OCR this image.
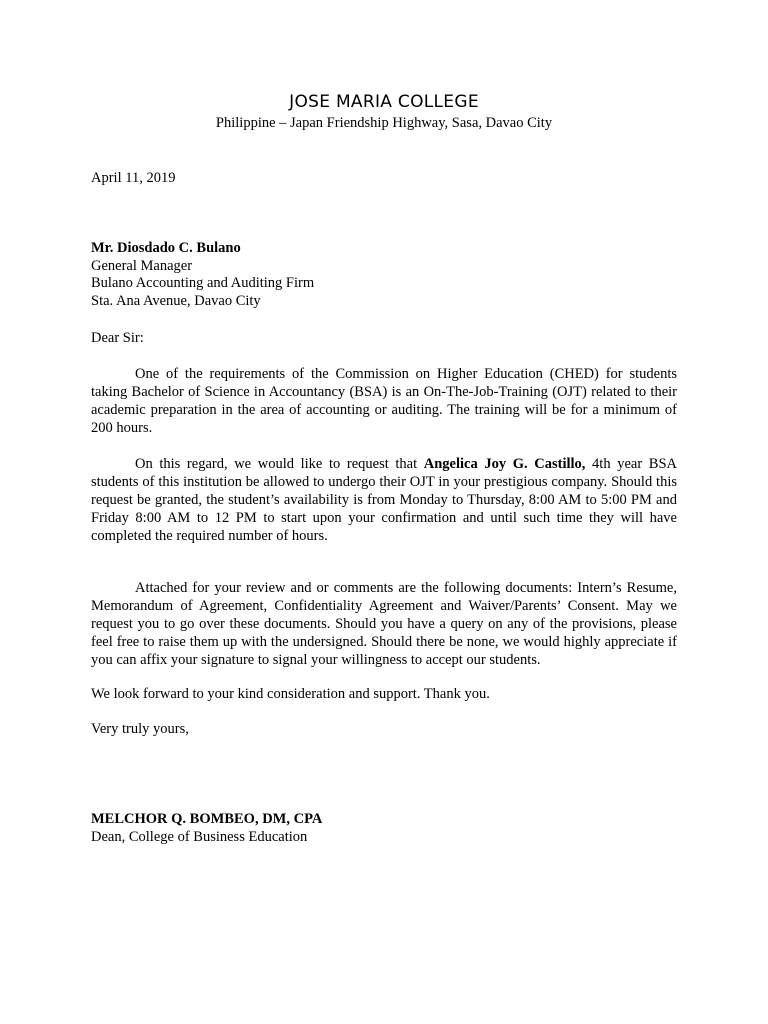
JOSE MARIA COLLEGE
Philippine – Japan Friendship Highway, Sasa, Davao City
April 11, 2019
Mr. Diosdado C. Bulano
General Manager
Bulano Accounting and Auditing Firm
Sta. Ana Avenue, Davao City
Dear Sir:
One of the requirements of the Commission on Higher Education (CHED) for students taking Bachelor of Science in Accountancy (BSA) is an On-The-Job-Training (OJT) related to their academic preparation in the area of accounting or auditing. The training will be for a minimum of 200 hours.
On this regard, we would like to request that Angelica Joy G. Castillo, 4th year BSA students of this institution be allowed to undergo their OJT in your prestigious company. Should this request be granted, the student’s availability is from Monday to Thursday, 8:00 AM to 5:00 PM and Friday 8:00 AM to 12 PM to start upon your confirmation and until such time they will have completed the required number of hours.
Attached for your review and or comments are the following documents: Intern’s Resume, Memorandum of Agreement, Confidentiality Agreement and Waiver/Parents’ Consent. May we request you to go over these documents. Should you have a query on any of the provisions, please feel free to raise them up with the undersigned. Should there be none, we would highly appreciate if you can affix your signature to signal your willingness to accept our students.
We look forward to your kind consideration and support. Thank you.
Very truly yours,
MELCHOR Q. BOMBEO, DM, CPA
Dean, College of Business Education
